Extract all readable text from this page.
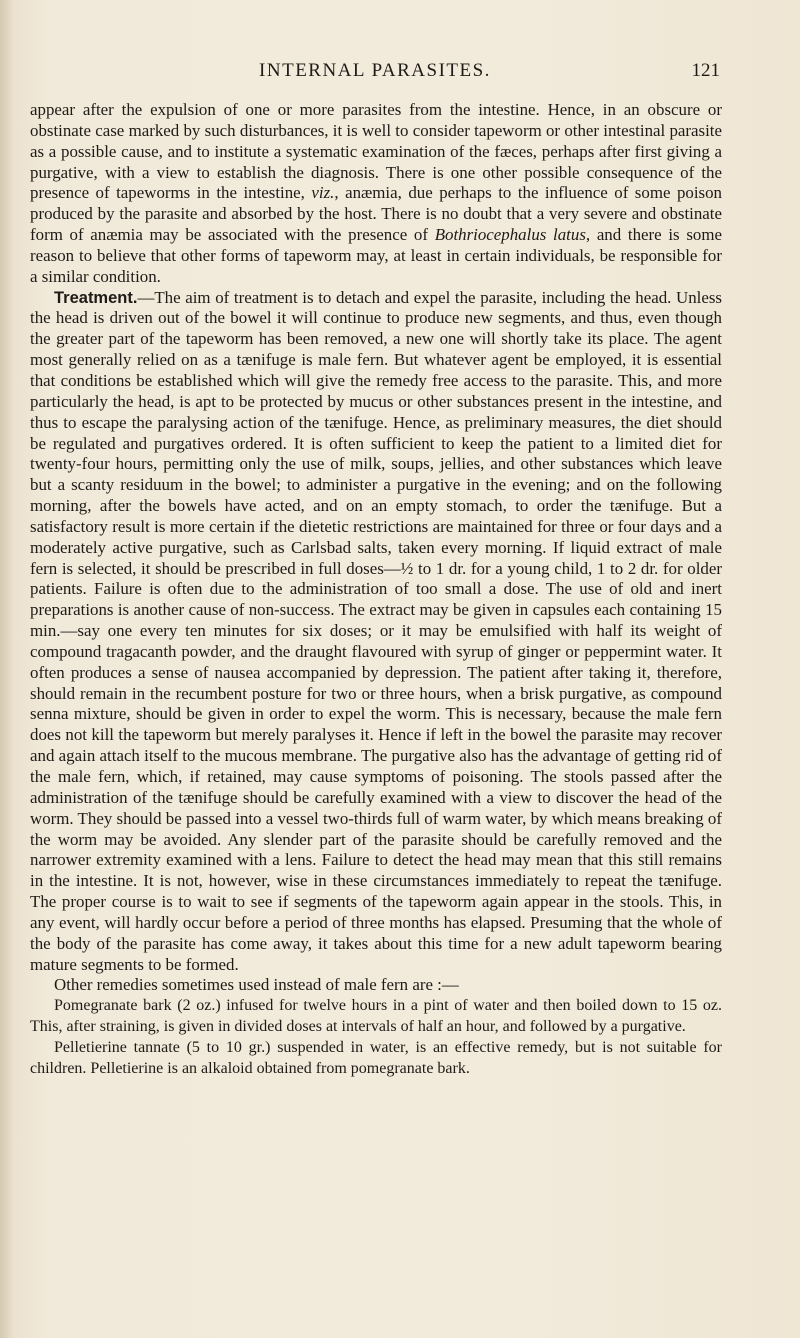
INTERNAL PARASITES.	121

appear after the expulsion of one or more parasites from the intestine. Hence, in an obscure or obstinate case marked by such disturbances, it is well to consider tapeworm or other intestinal parasite as a possible cause, and to institute a systematic examination of the fæces, perhaps after first giving a purgative, with a view to establish the diagnosis. There is one other possible consequence of the presence of tapeworms in the intestine, viz., anæmia, due perhaps to the influence of some poison produced by the parasite and absorbed by the host. There is no doubt that a very severe and obstinate form of anæmia may be associated with the presence of Bothriocephalus latus, and there is some reason to believe that other forms of tapeworm may, at least in certain individuals, be responsible for a similar condition.

Treatment.—The aim of treatment is to detach and expel the parasite, including the head. Unless the head is driven out of the bowel it will continue to produce new segments, and thus, even though the greater part of the tapeworm has been removed, a new one will shortly take its place. The agent most generally relied on as a tænifuge is male fern. But whatever agent be employed, it is essential that conditions be established which will give the remedy free access to the parasite. This, and more particularly the head, is apt to be protected by mucus or other substances present in the intestine, and thus to escape the paralysing action of the tænifuge. Hence, as preliminary measures, the diet should be regulated and purgatives ordered. It is often sufficient to keep the patient to a limited diet for twenty-four hours, permitting only the use of milk, soups, jellies, and other substances which leave but a scanty residuum in the bowel; to administer a purgative in the evening; and on the following morning, after the bowels have acted, and on an empty stomach, to order the tænifuge. But a satisfactory result is more certain if the dietetic restrictions are maintained for three or four days and a moderately active purgative, such as Carlsbad salts, taken every morning. If liquid extract of male fern is selected, it should be prescribed in full doses—½ to 1 dr. for a young child, 1 to 2 dr. for older patients. Failure is often due to the administration of too small a dose. The use of old and inert preparations is another cause of non-success. The extract may be given in capsules each containing 15 min.—say one every ten minutes for six doses; or it may be emulsified with half its weight of compound tragacanth powder, and the draught flavoured with syrup of ginger or peppermint water. It often produces a sense of nausea accompanied by depression. The patient after taking it, therefore, should remain in the recumbent posture for two or three hours, when a brisk purgative, as compound senna mixture, should be given in order to expel the worm. This is necessary, because the male fern does not kill the tapeworm but merely paralyses it. Hence if left in the bowel the parasite may recover and again attach itself to the mucous membrane. The purgative also has the advantage of getting rid of the male fern, which, if retained, may cause symptoms of poisoning. The stools passed after the administration of the tænifuge should be carefully examined with a view to discover the head of the worm. They should be passed into a vessel two-thirds full of warm water, by which means breaking of the worm may be avoided. Any slender part of the parasite should be carefully removed and the narrower extremity examined with a lens. Failure to detect the head may mean that this still remains in the intestine. It is not, however, wise in these circumstances immediately to repeat the tænifuge. The proper course is to wait to see if segments of the tapeworm again appear in the stools. This, in any event, will hardly occur before a period of three months has elapsed. Presuming that the whole of the body of the parasite has come away, it takes about this time for a new adult tapeworm bearing mature segments to be formed.

Other remedies sometimes used instead of male fern are :—

Pomegranate bark (2 oz.) infused for twelve hours in a pint of water and then boiled down to 15 oz. This, after straining, is given in divided doses at intervals of half an hour, and followed by a purgative.

Pelletierine tannate (5 to 10 gr.) suspended in water, is an effective remedy, but is not suitable for children. Pelletierine is an alkaloid obtained from pomegranate bark.
